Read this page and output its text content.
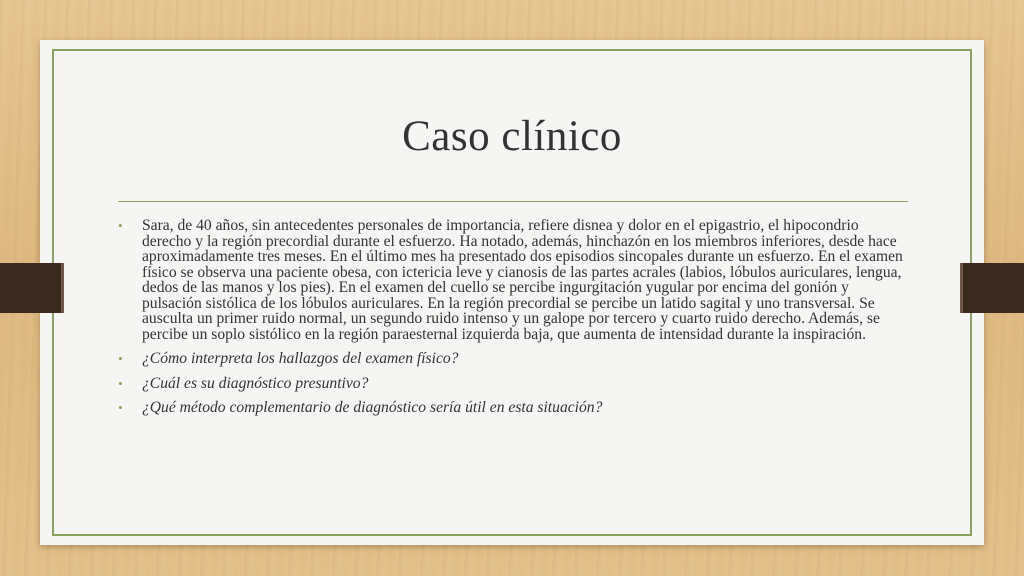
Caso clínico
• Sara, de 40 años, sin antecedentes personales de importancia, refiere disnea y dolor en el epigastrio, el hipocondrio derecho y la región precordial durante el esfuerzo. Ha notado, además, hinchazón en los miembros inferiores, desde hace aproximadamente tres meses. En el último mes ha presentado dos episodios sincopales durante un esfuerzo. En el examen físico se observa una paciente obesa, con ictericia leve y cianosis de las partes acrales (labios, lóbulos auriculares, lengua, dedos de las manos y los pies). En el examen del cuello se percibe ingurgitación yugular por encima del gonión y pulsación sistólica de los lóbulos auriculares. En la región precordial se percibe un latido sagital y uno transversal. Se ausculta un primer ruido normal, un segundo ruido intenso y un galope por tercero y cuarto ruido derecho. Además, se percibe un soplo sistólico en la región paraesternal izquierda baja, que aumenta de intensidad durante la inspiración.
• ¿Cómo interpreta los hallazgos del examen físico?
• ¿Cuál es su diagnóstico presuntivo?
• ¿Qué método complementario de diagnóstico sería útil en esta situación?
